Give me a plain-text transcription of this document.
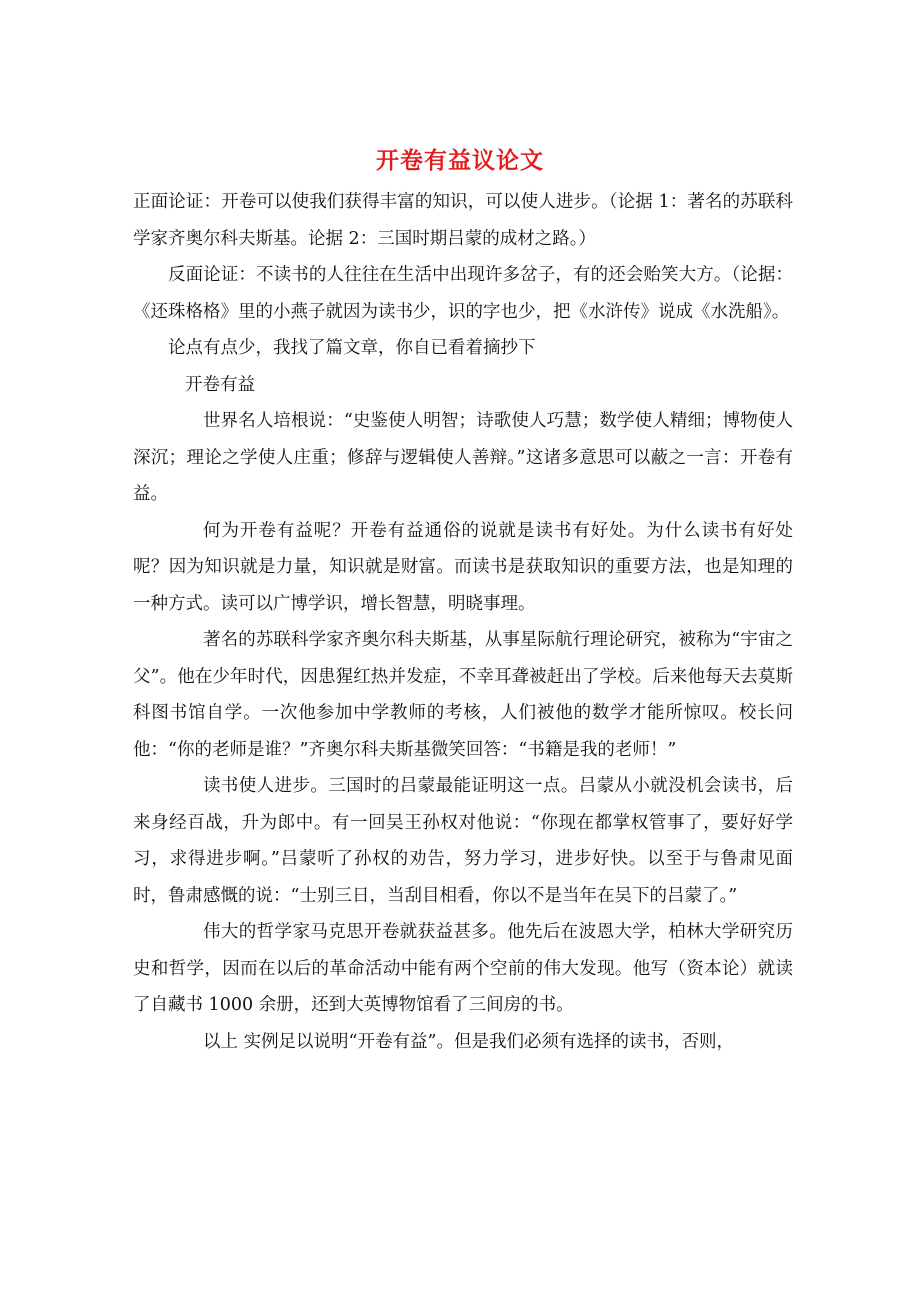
开卷有益议论文

正面论证：开卷可以使我们获得丰富的知识，可以使人进步。（论据 1：著名的苏联科学家齐奥尔科夫斯基。论据 2：三国时期吕蒙的成材之路。）

反面论证：不读书的人往往在生活中出现许多岔子，有的还会贻笑大方。（论据：《还珠格格》里的小燕子就因为读书少，识的字也少，把《水浒传》说成《水洗船》。

论点有点少，我找了篇文章，你自已看着摘抄下

开卷有益

世界名人培根说：“史鉴使人明智；诗歌使人巧慧；数学使人精细；博物使人深沉；理论之学使人庄重；修辞与逻辑使人善辩。”这诸多意思可以蔽之一言：开卷有益。

何为开卷有益呢？开卷有益通俗的说就是读书有好处。为什么读书有好处呢？因为知识就是力量，知识就是财富。而读书是获取知识的重要方法，也是知理的一种方式。读可以广博学识，增长智慧，明晓事理。

著名的苏联科学家齐奥尔科夫斯基，从事星际航行理论研究，被称为“宇宙之父”。他在少年时代，因患猩红热并发症，不幸耳聋被赶出了学校。后来他每天去莫斯科图书馆自学。一次他参加中学教师的考核，人们被他的数学才能所惊叹。校长问他：“你的老师是谁？”齐奥尔科夫斯基微笑回答：“书籍是我的老师！”

读书使人进步。三国时的吕蒙最能证明这一点。吕蒙从小就没机会读书，后来身经百战，升为郎中。有一回吴王孙权对他说：“你现在都掌权管事了，要好好学习，求得进步啊。”吕蒙听了孙权的劝告，努力学习，进步好快。以至于与鲁肃见面时，鲁肃感慨的说：“士别三日，当刮目相看，你以不是当年在吴下的吕蒙了。”

伟大的哲学家马克思开卷就获益甚多。他先后在波恩大学，柏林大学研究历史和哲学，因而在以后的革命活动中能有两个空前的伟大发现。他写（资本论）就读了自藏书 1000 余册，还到大英博物馆看了三间房的书。

以上 实例足以说明“开卷有益”。但是我们必须有选择的读书，否则，
